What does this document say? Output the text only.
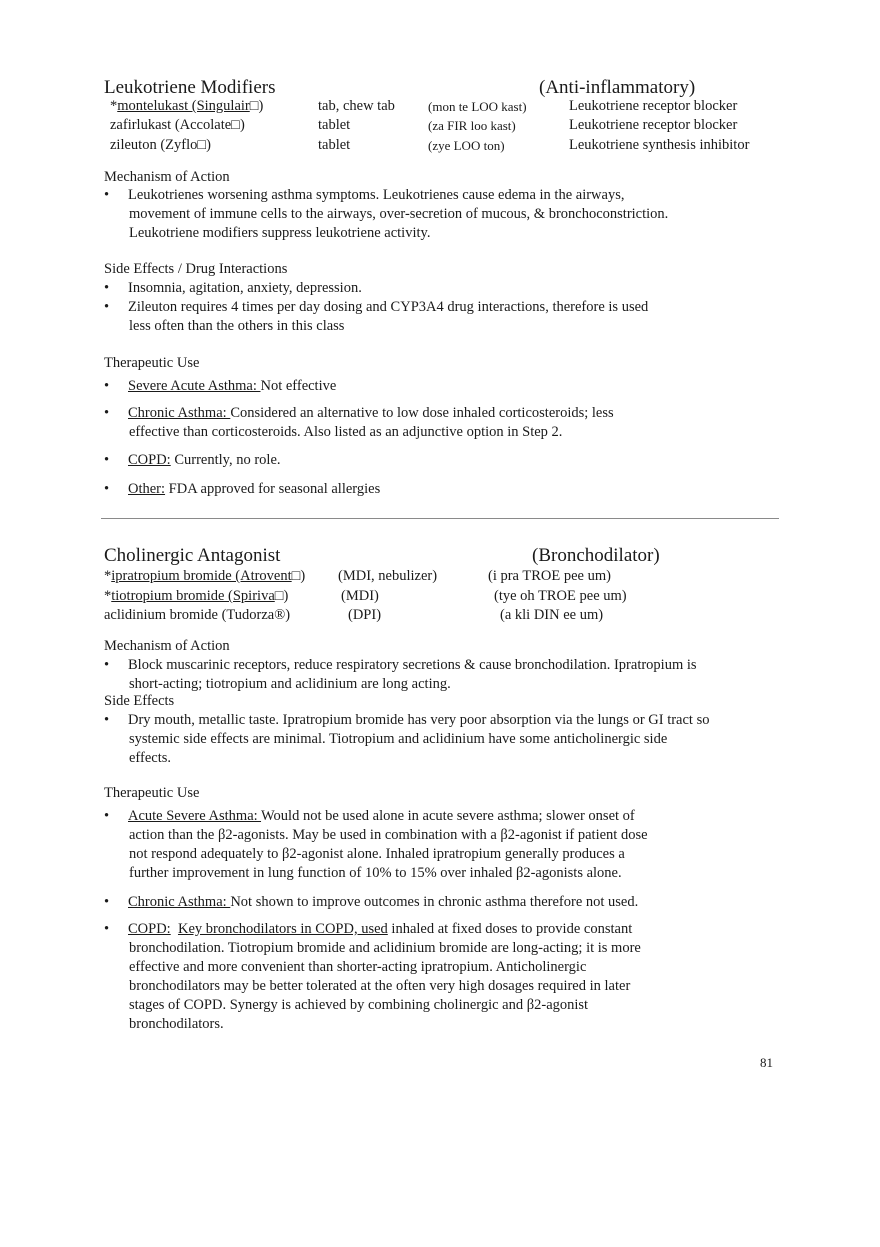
Leukotriene Modifiers	(Anti-inflammatory)
*montelukast (Singulair□)	tab, chew tab	(mon te LOO kast)	Leukotriene receptor blocker
zafirlukast (Accolate□)	tablet	(za FIR loo kast)	Leukotriene receptor blocker
zileuton (Zyflo□)	tablet	(zye LOO ton)	Leukotriene synthesis inhibitor
Mechanism of Action
• Leukotrienes worsening asthma symptoms. Leukotrienes cause edema in the airways,
movement of immune cells to the airways, over-secretion of mucous, & bronchoconstriction.
Leukotriene modifiers suppress leukotriene activity.
Side Effects / Drug Interactions
• Insomnia, agitation, anxiety, depression.
• Zileuton requires 4 times per day dosing and CYP3A4 drug interactions, therefore is used
less often than the others in this class
Therapeutic Use
• Severe Acute Asthma: Not effective
• Chronic Asthma: Considered an alternative to low dose inhaled corticosteroids; less
effective than corticosteroids. Also listed as an adjunctive option in Step 2.
• COPD: Currently, no role.
• Other: FDA approved for seasonal allergies
Cholinergic Antagonist	(Bronchodilator)
*ipratropium bromide (Atrovent□) (MDI, nebulizer)	(i pra TROE pee um)
*tiotropium bromide (Spiriva□)	(MDI)	(tye oh TROE pee um)
aclidinium bromide (Tudorza®)	(DPI)	(a kli DIN ee um)
Mechanism of Action
• Block muscarinic receptors, reduce respiratory secretions & cause bronchodilation. Ipratropium is
short-acting; tiotropium and aclidinium are long acting.
Side Effects
• Dry mouth, metallic taste. Ipratropium bromide has very poor absorption via the lungs or GI tract so
systemic side effects are minimal. Tiotropium and aclidinium have some anticholinergic side
effects.
Therapeutic Use
• Acute Severe Asthma: Would not be used alone in acute severe asthma; slower onset of
action than the β2-agonists. May be used in combination with a β2-agonist if patient dose
not respond adequately to β2-agonist alone. Inhaled ipratropium generally produces a
further improvement in lung function of 10% to 15% over inhaled β2-agonists alone.
• Chronic Asthma: Not shown to improve outcomes in chronic asthma therefore not used.
• COPD: Key bronchodilators in COPD, used inhaled at fixed doses to provide constant
bronchodilation. Tiotropium bromide and aclidinium bromide are long-acting; it is more
effective and more convenient than shorter-acting ipratropium. Anticholinergic
bronchodilators may be better tolerated at the often very high dosages required in later
stages of COPD. Synergy is achieved by combining cholinergic and β2-agonist
bronchodilators.
81
